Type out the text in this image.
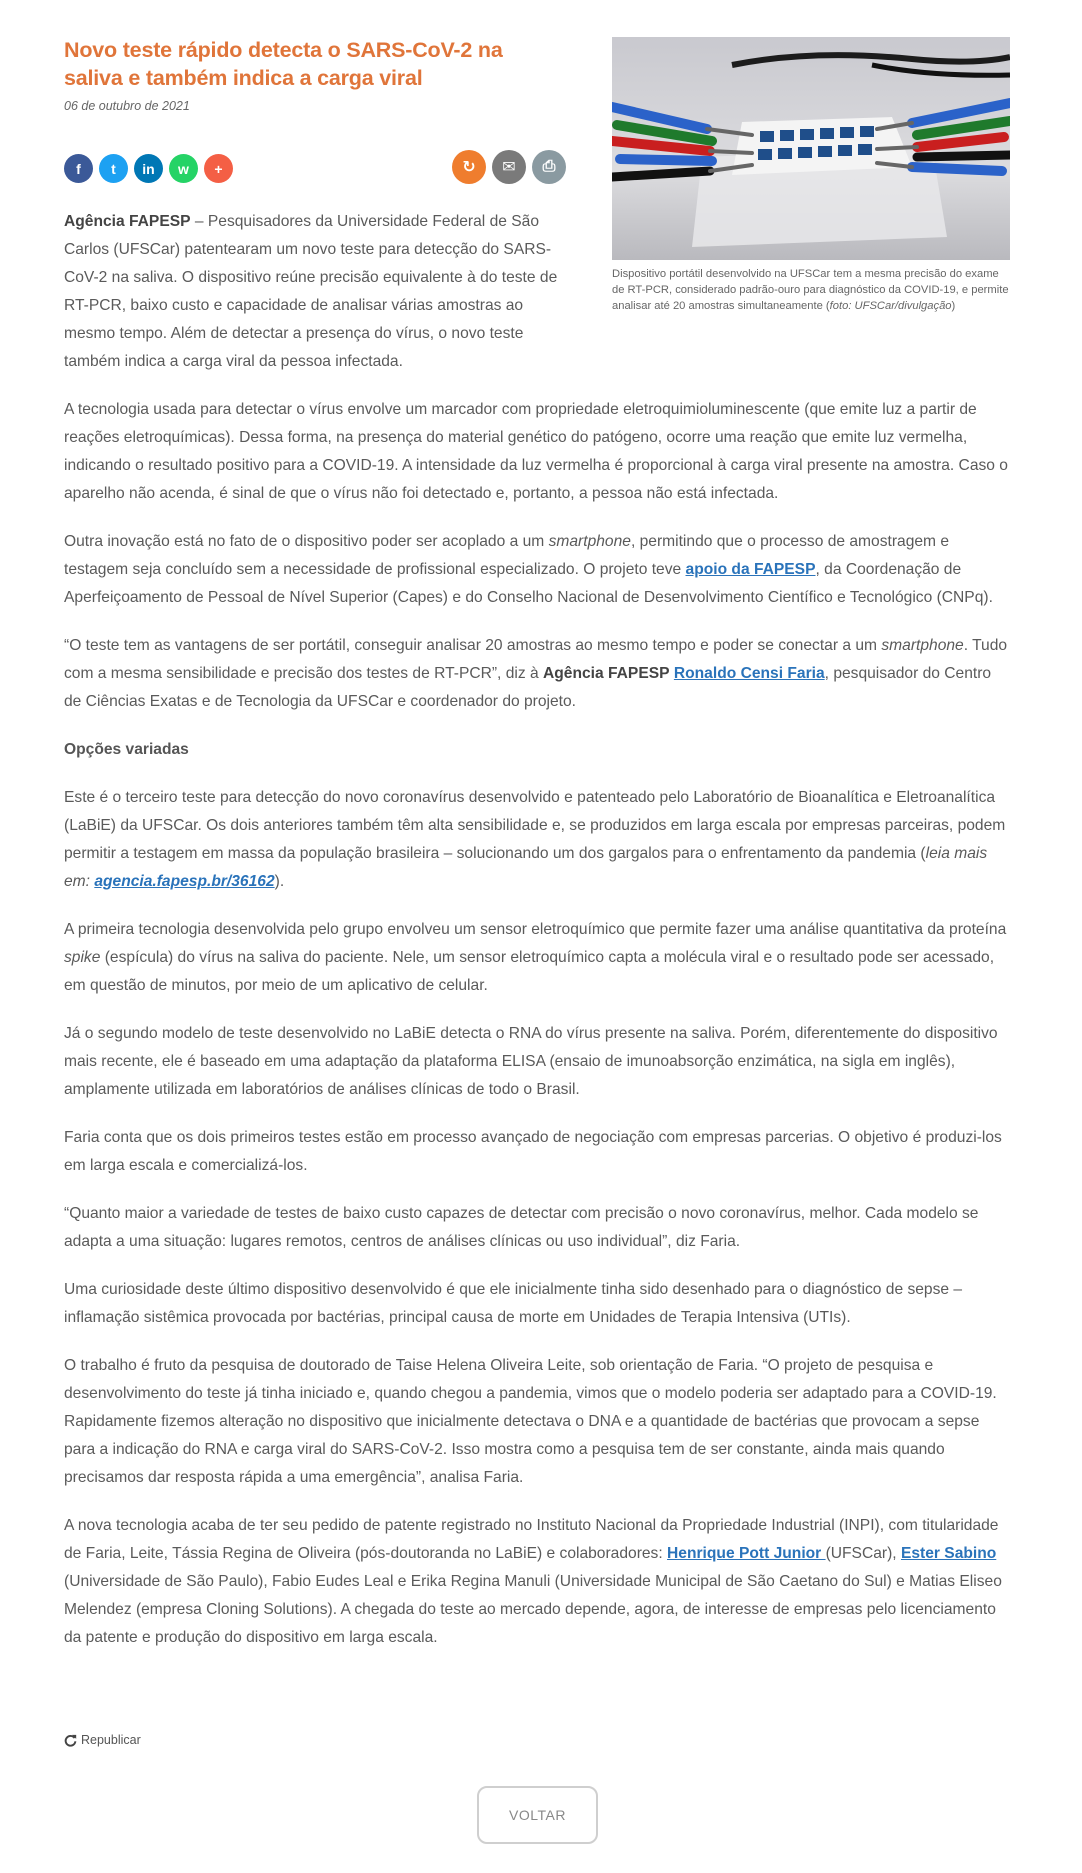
Novo teste rápido detecta o SARS-CoV-2 na saliva e também indica a carga viral
06 de outubro de 2021
f	t	in	w	+	↻	✉	⎙
Dispositivo portátil desenvolvido na UFSCar tem a mesma precisão do exame de RT-PCR, considerado padrão-ouro para diagnóstico da COVID-19, e permite analisar até 20 amostras simultaneamente (foto: UFSCar/divulgação)

Agência FAPESP – Pesquisadores da Universidade Federal de São Carlos (UFSCar) patentearam um novo teste para detecção do SARS-CoV-2 na saliva. O dispositivo reúne precisão equivalente à do teste de RT-PCR, baixo custo e capacidade de analisar várias amostras ao mesmo tempo. Além de detectar a presença do vírus, o novo teste também indica a carga viral da pessoa infectada.

A tecnologia usada para detectar o vírus envolve um marcador com propriedade eletroquimioluminescente (que emite luz a partir de reações eletroquímicas). Dessa forma, na presença do material genético do patógeno, ocorre uma reação que emite luz vermelha, indicando o resultado positivo para a COVID-19. A intensidade da luz vermelha é proporcional à carga viral presente na amostra. Caso o aparelho não acenda, é sinal de que o vírus não foi detectado e, portanto, a pessoa não está infectada.

Outra inovação está no fato de o dispositivo poder ser acoplado a um smartphone, permitindo que o processo de amostragem e testagem seja concluído sem a necessidade de profissional especializado. O projeto teve apoio da FAPESP, da Coordenação de Aperfeiçoamento de Pessoal de Nível Superior (Capes) e do Conselho Nacional de Desenvolvimento Científico e Tecnológico (CNPq).

“O teste tem as vantagens de ser portátil, conseguir analisar 20 amostras ao mesmo tempo e poder se conectar a um smartphone. Tudo com a mesma sensibilidade e precisão dos testes de RT-PCR”, diz à Agência FAPESP Ronaldo Censi Faria, pesquisador do Centro de Ciências Exatas e de Tecnologia da UFSCar e coordenador do projeto.

Opções variadas

Este é o terceiro teste para detecção do novo coronavírus desenvolvido e patenteado pelo Laboratório de Bioanalítica e Eletroanalítica (LaBiE) da UFSCar. Os dois anteriores também têm alta sensibilidade e, se produzidos em larga escala por empresas parceiras, podem permitir a testagem em massa da população brasileira – solucionando um dos gargalos para o enfrentamento da pandemia (leia mais em: agencia.fapesp.br/36162).

A primeira tecnologia desenvolvida pelo grupo envolveu um sensor eletroquímico que permite fazer uma análise quantitativa da proteína spike (espícula) do vírus na saliva do paciente. Nele, um sensor eletroquímico capta a molécula viral e o resultado pode ser acessado, em questão de minutos, por meio de um aplicativo de celular.

Já o segundo modelo de teste desenvolvido no LaBiE detecta o RNA do vírus presente na saliva. Porém, diferentemente do dispositivo mais recente, ele é baseado em uma adaptação da plataforma ELISA (ensaio de imunoabsorção enzimática, na sigla em inglês), amplamente utilizada em laboratórios de análises clínicas de todo o Brasil.

Faria conta que os dois primeiros testes estão em processo avançado de negociação com empresas parcerias. O objetivo é produzi-los em larga escala e comercializá-los.

“Quanto maior a variedade de testes de baixo custo capazes de detectar com precisão o novo coronavírus, melhor. Cada modelo se adapta a uma situação: lugares remotos, centros de análises clínicas ou uso individual”, diz Faria.

Uma curiosidade deste último dispositivo desenvolvido é que ele inicialmente tinha sido desenhado para o diagnóstico de sepse – inflamação sistêmica provocada por bactérias, principal causa de morte em Unidades de Terapia Intensiva (UTIs).

O trabalho é fruto da pesquisa de doutorado de Taise Helena Oliveira Leite, sob orientação de Faria. “O projeto de pesquisa e desenvolvimento do teste já tinha iniciado e, quando chegou a pandemia, vimos que o modelo poderia ser adaptado para a COVID-19. Rapidamente fizemos alteração no dispositivo que inicialmente detectava o DNA e a quantidade de bactérias que provocam a sepse para a indicação do RNA e carga viral do SARS-CoV-2. Isso mostra como a pesquisa tem de ser constante, ainda mais quando precisamos dar resposta rápida a uma emergência”, analisa Faria.

A nova tecnologia acaba de ter seu pedido de patente registrado no Instituto Nacional da Propriedade Industrial (INPI), com titularidade de Faria, Leite, Tássia Regina de Oliveira (pós-doutoranda no LaBiE) e colaboradores: Henrique Pott Junior (UFSCar), Ester Sabino (Universidade de São Paulo), Fabio Eudes Leal e Erika Regina Manuli (Universidade Municipal de São Caetano do Sul) e Matias Eliseo Melendez (empresa Cloning Solutions). A chegada do teste ao mercado depende, agora, de interesse de empresas pelo licenciamento da patente e produção do dispositivo em larga escala.

Republicar
VOLTAR
